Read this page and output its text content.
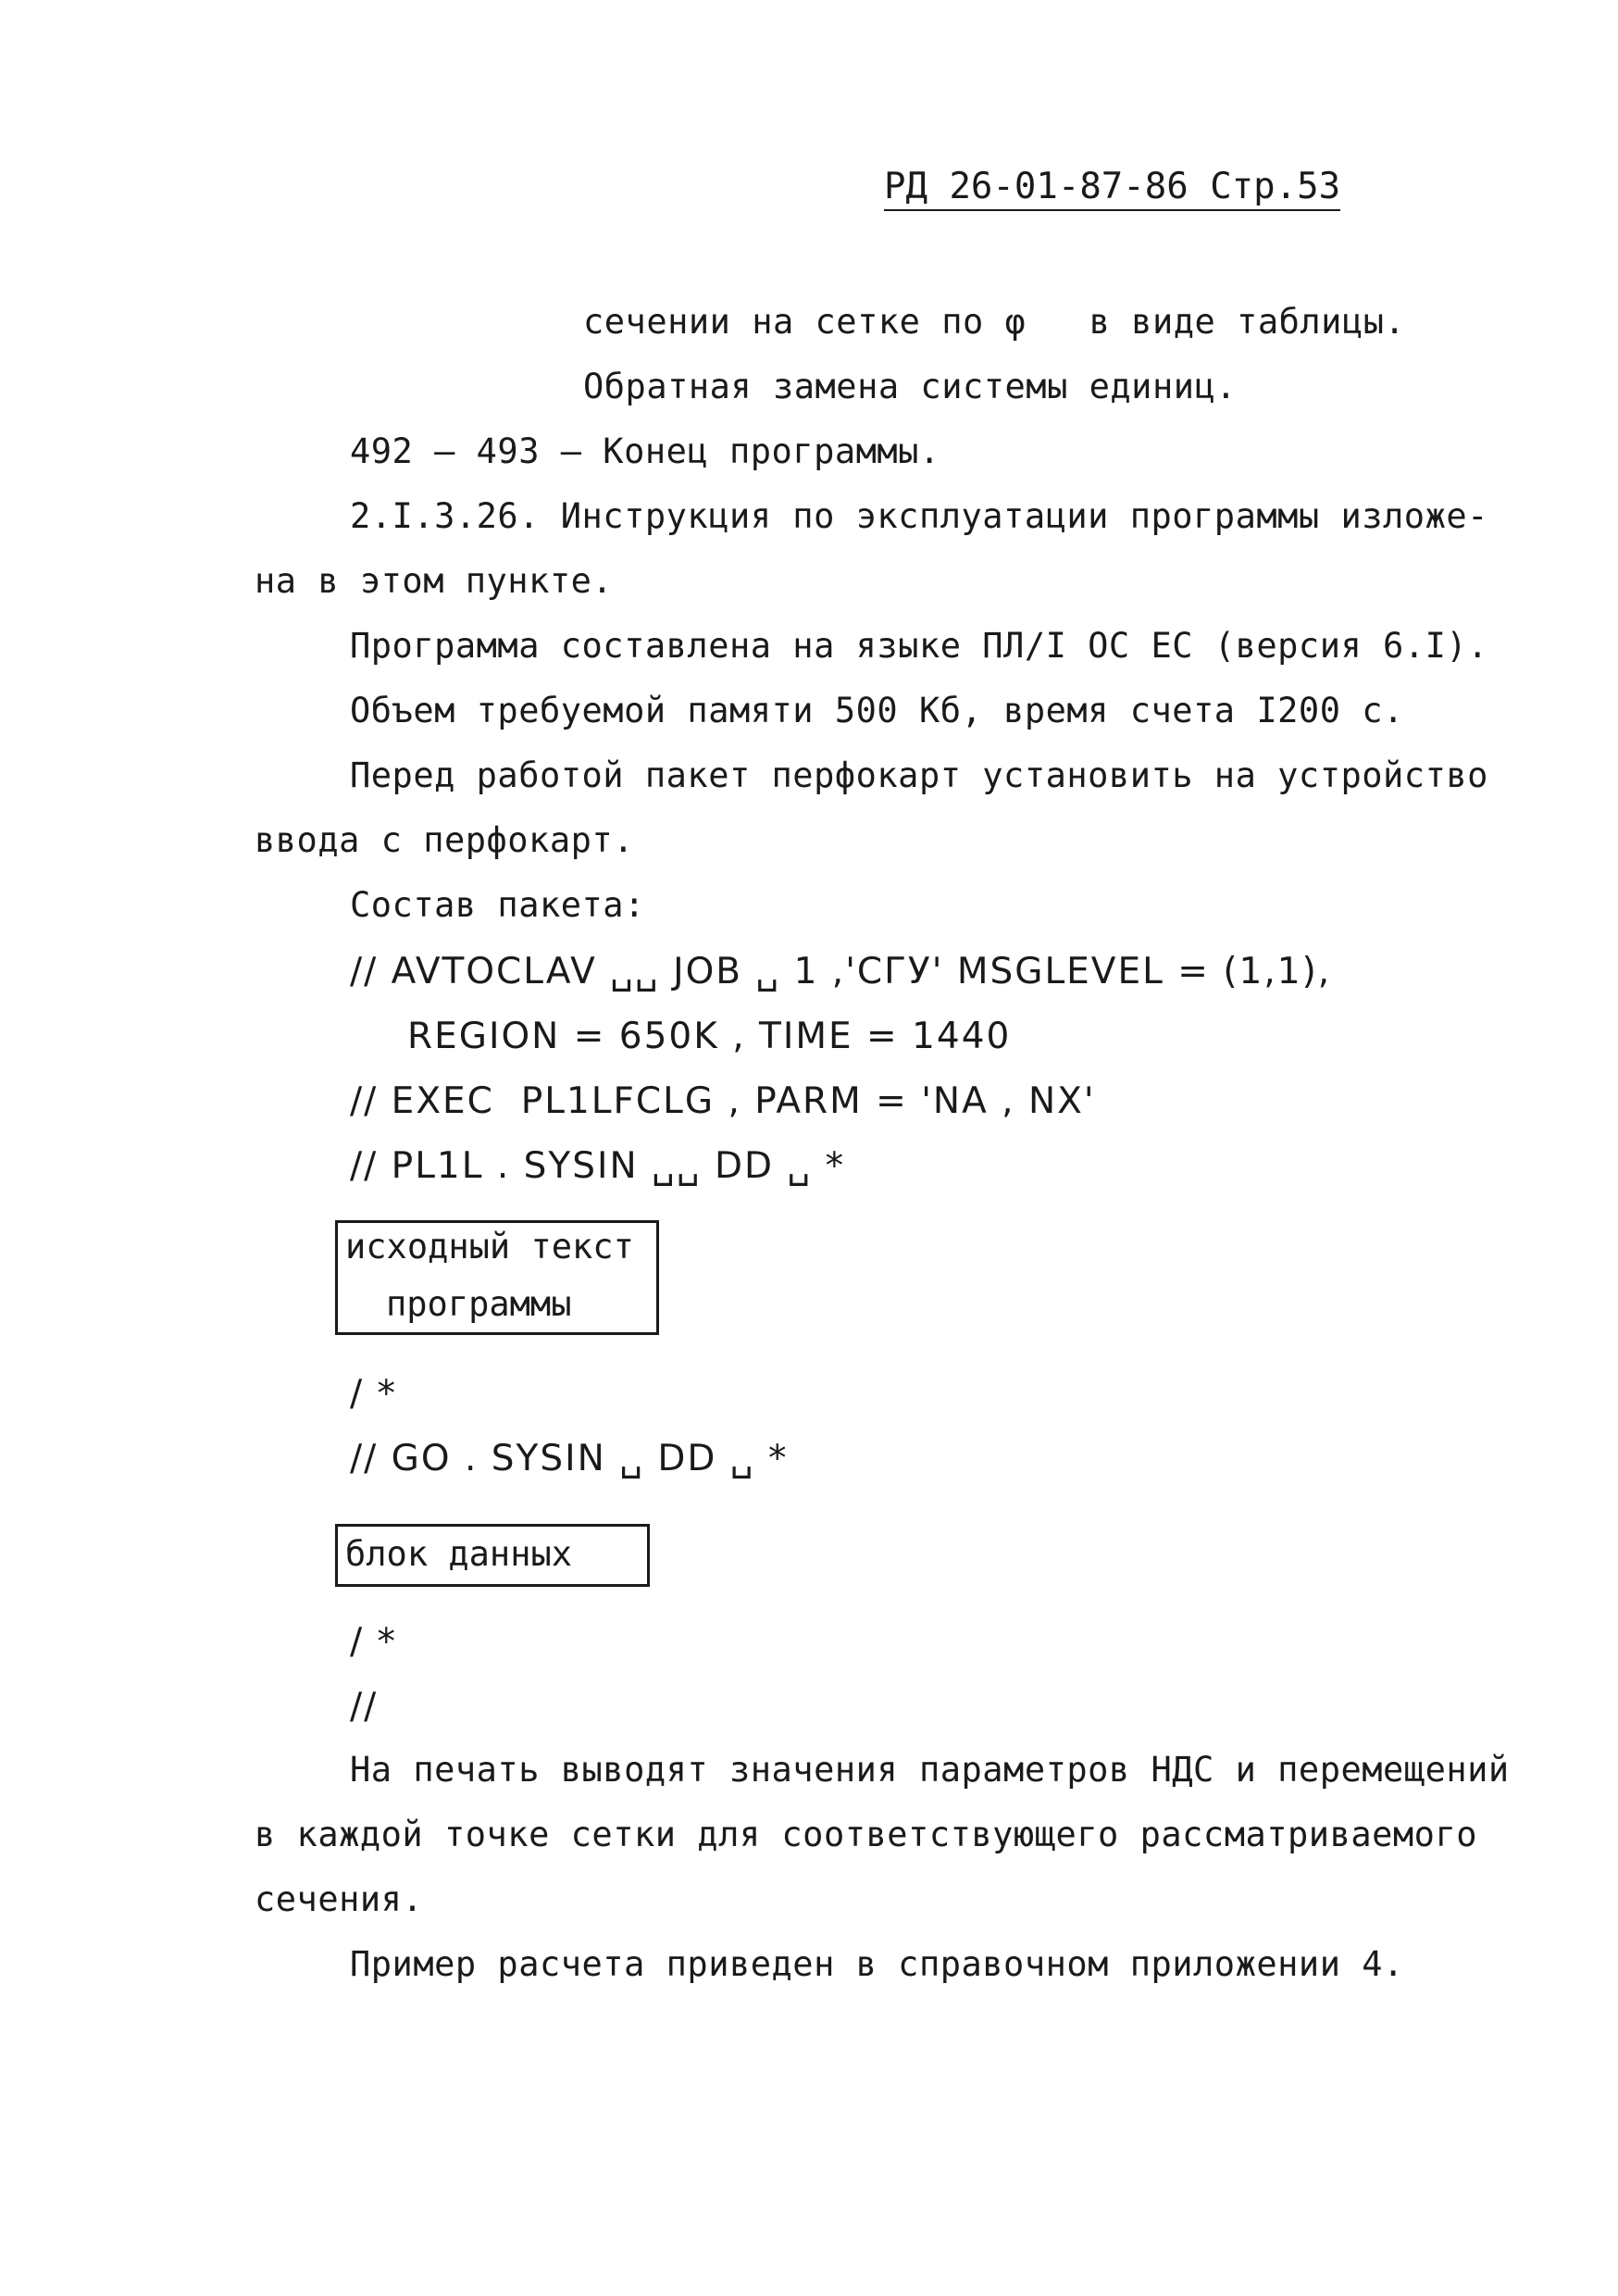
РД 26-01-87-86 Стр.53
сечении на сетке по φ   в виде таблицы.
Обратная замена системы единиц.
492 – 493 – Конец программы.
2.I.3.26. Инструкция по эксплуатации программы изложе-
на в этом пункте.
Программа составлена на языке ПЛ/I ОС ЕС (версия 6.I).
Объем требуемой памяти 500 Кб, время счета I200 с.
Перед работой пакет перфокарт установить на устройство
ввода с перфокарт.
Состав пакета:
// AVTOCLAV ␣␣ JOB ␣ 1 ,'СГУ' MSGLEVEL = (1,1),
REGION = 650K , TIME = 1440
// EXEC  PL1LFCLG , PARM = 'NA , NX'
// PL1L . SYSIN ␣␣ DD ␣ *
исходный текст
программы
/ *
// GO . SYSIN ␣ DD ␣ *
блок данных
/ *
//
На печать выводят значения параметров НДС и перемещений
в каждой точке сетки для соответствующего рассматриваемого
сечения.
Пример расчета приведен в справочном приложении 4.
